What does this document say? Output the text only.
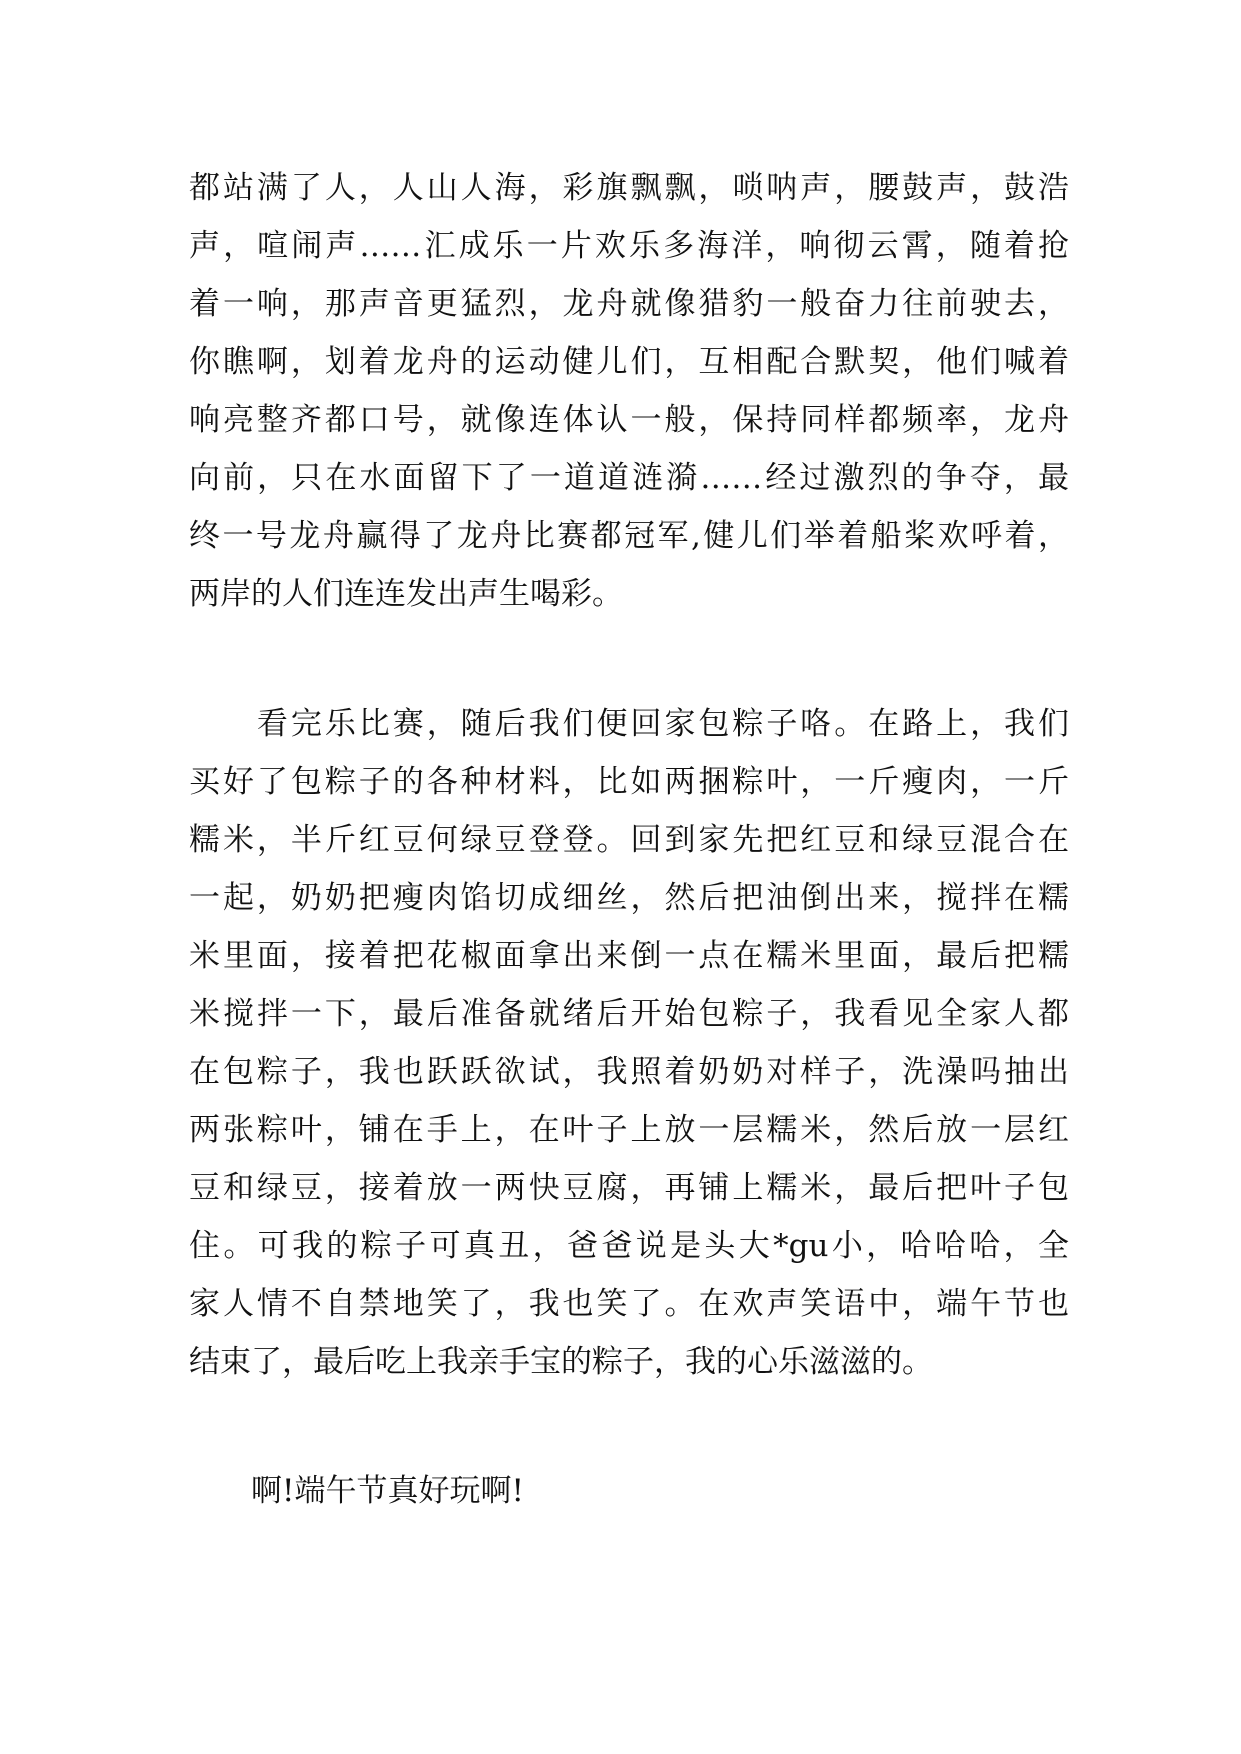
都站满了人，人山人海，彩旗飘飘，唢呐声，腰鼓声，鼓浩
声，喧闹声……汇成乐一片欢乐多海洋，响彻云霄，随着抢
着一响，那声音更猛烈，龙舟就像猎豹一般奋力往前驶去，
你瞧啊，划着龙舟的运动健儿们，互相配合默契，他们喊着
响亮整齐都口号，就像连体认一般，保持同样都频率，龙舟
向前，只在水面留下了一道道涟漪……经过激烈的争夺，最
终一号龙舟赢得了龙舟比赛都冠军,健儿们举着船桨欢呼着，
两岸的人们连连发出声生喝彩。
　　看完乐比赛，随后我们便回家包粽子咯。在路上，我们
买好了包粽子的各种材料，比如两捆粽叶，一斤瘦肉，一斤
糯米，半斤红豆何绿豆登登。回到家先把红豆和绿豆混合在
一起，奶奶把瘦肉馅切成细丝，然后把油倒出来，搅拌在糯
米里面，接着把花椒面拿出来倒一点在糯米里面，最后把糯
米搅拌一下，最后准备就绪后开始包粽子，我看见全家人都
在包粽子，我也跃跃欲试，我照着奶奶对样子，洗澡吗抽出
两张粽叶，铺在手上，在叶子上放一层糯米，然后放一层红
豆和绿豆，接着放一两快豆腐，再铺上糯米，最后把叶子包
住。可我的粽子可真丑，爸爸说是头大*gu小，哈哈哈，全
家人情不自禁地笑了，我也笑了。在欢声笑语中，端午节也
结束了，最后吃上我亲手宝的粽子，我的心乐滋滋的。
　　啊!端午节真好玩啊!
